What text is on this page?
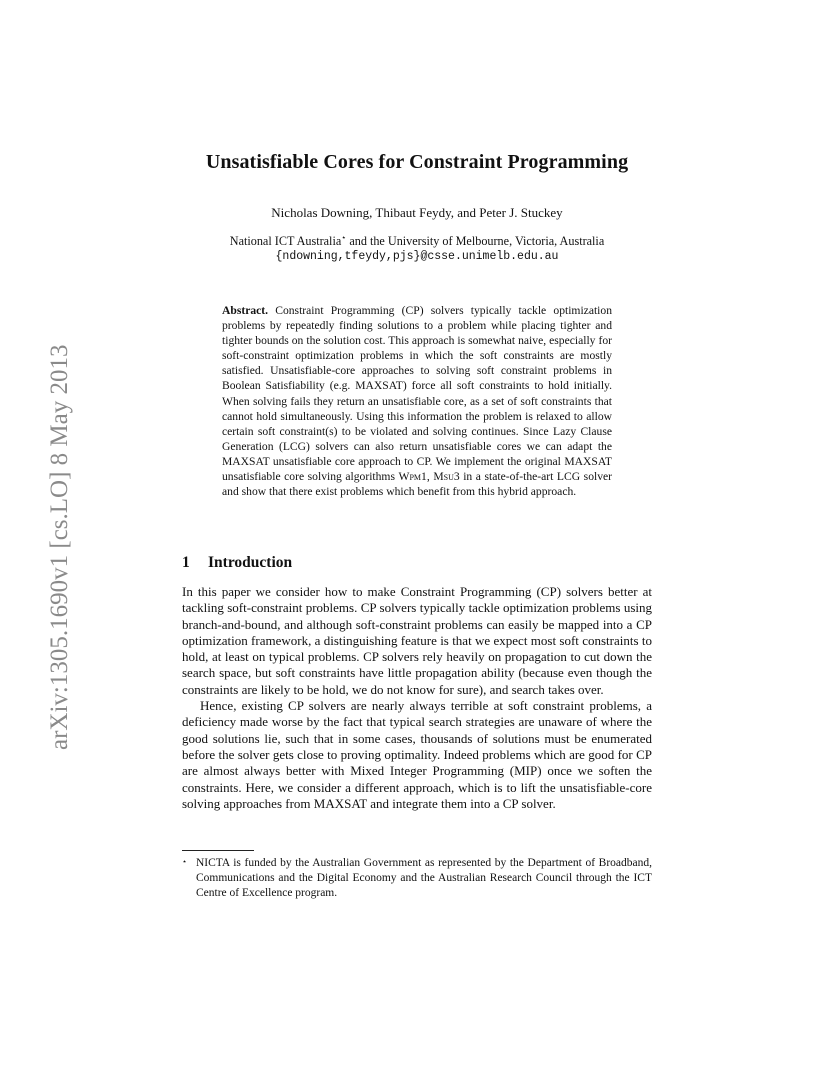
arXiv:1305.1690v1 [cs.LO] 8 May 2013
Unsatisfiable Cores for Constraint Programming
Nicholas Downing, Thibaut Feydy, and Peter J. Stuckey
National ICT Australia⋆ and the University of Melbourne, Victoria, Australia
{ndowning,tfeydy,pjs}@csse.unimelb.edu.au
Abstract. Constraint Programming (CP) solvers typically tackle optimization problems by repeatedly finding solutions to a problem while placing tighter and tighter bounds on the solution cost. This approach is somewhat naive, especially for soft-constraint optimization problems in which the soft constraints are mostly satisfied. Unsatisfiable-core approaches to solving soft constraint problems in Boolean Satisfiability (e.g. MAXSAT) force all soft constraints to hold initially. When solving fails they return an unsatisfiable core, as a set of soft constraints that cannot hold simultaneously. Using this information the problem is relaxed to allow certain soft constraint(s) to be violated and solving continues. Since Lazy Clause Generation (LCG) solvers can also return unsatisfiable cores we can adapt the MAXSAT unsatisfiable core approach to CP. We implement the original MAXSAT unsatisfiable core solving algorithms Wpm1, Msu3 in a state-of-the-art LCG solver and show that there exist problems which benefit from this hybrid approach.
1 Introduction

In this paper we consider how to make Constraint Programming (CP) solvers better at tackling soft-constraint problems. CP solvers typically tackle optimization problems using branch-and-bound, and although soft-constraint problems can easily be mapped into a CP optimization framework, a distinguishing feature is that we expect most soft constraints to hold, at least on typical problems. CP solvers rely heavily on propagation to cut down the search space, but soft constraints have little propagation ability (because even though the constraints are likely to be hold, we do not know for sure), and search takes over.

Hence, existing CP solvers are nearly always terrible at soft constraint problems, a deficiency made worse by the fact that typical search strategies are unaware of where the good solutions lie, such that in some cases, thousands of solutions must be enumerated before the solver gets close to proving optimality. Indeed problems which are good for CP are almost always better with Mixed Integer Programming (MIP) once we soften the constraints. Here, we consider a different approach, which is to lift the unsatisfiable-core solving approaches from MAXSAT and integrate them into a CP solver.

⋆ NICTA is funded by the Australian Government as represented by the Department of Broadband, Communications and the Digital Economy and the Australian Research Council through the ICT Centre of Excellence program.
